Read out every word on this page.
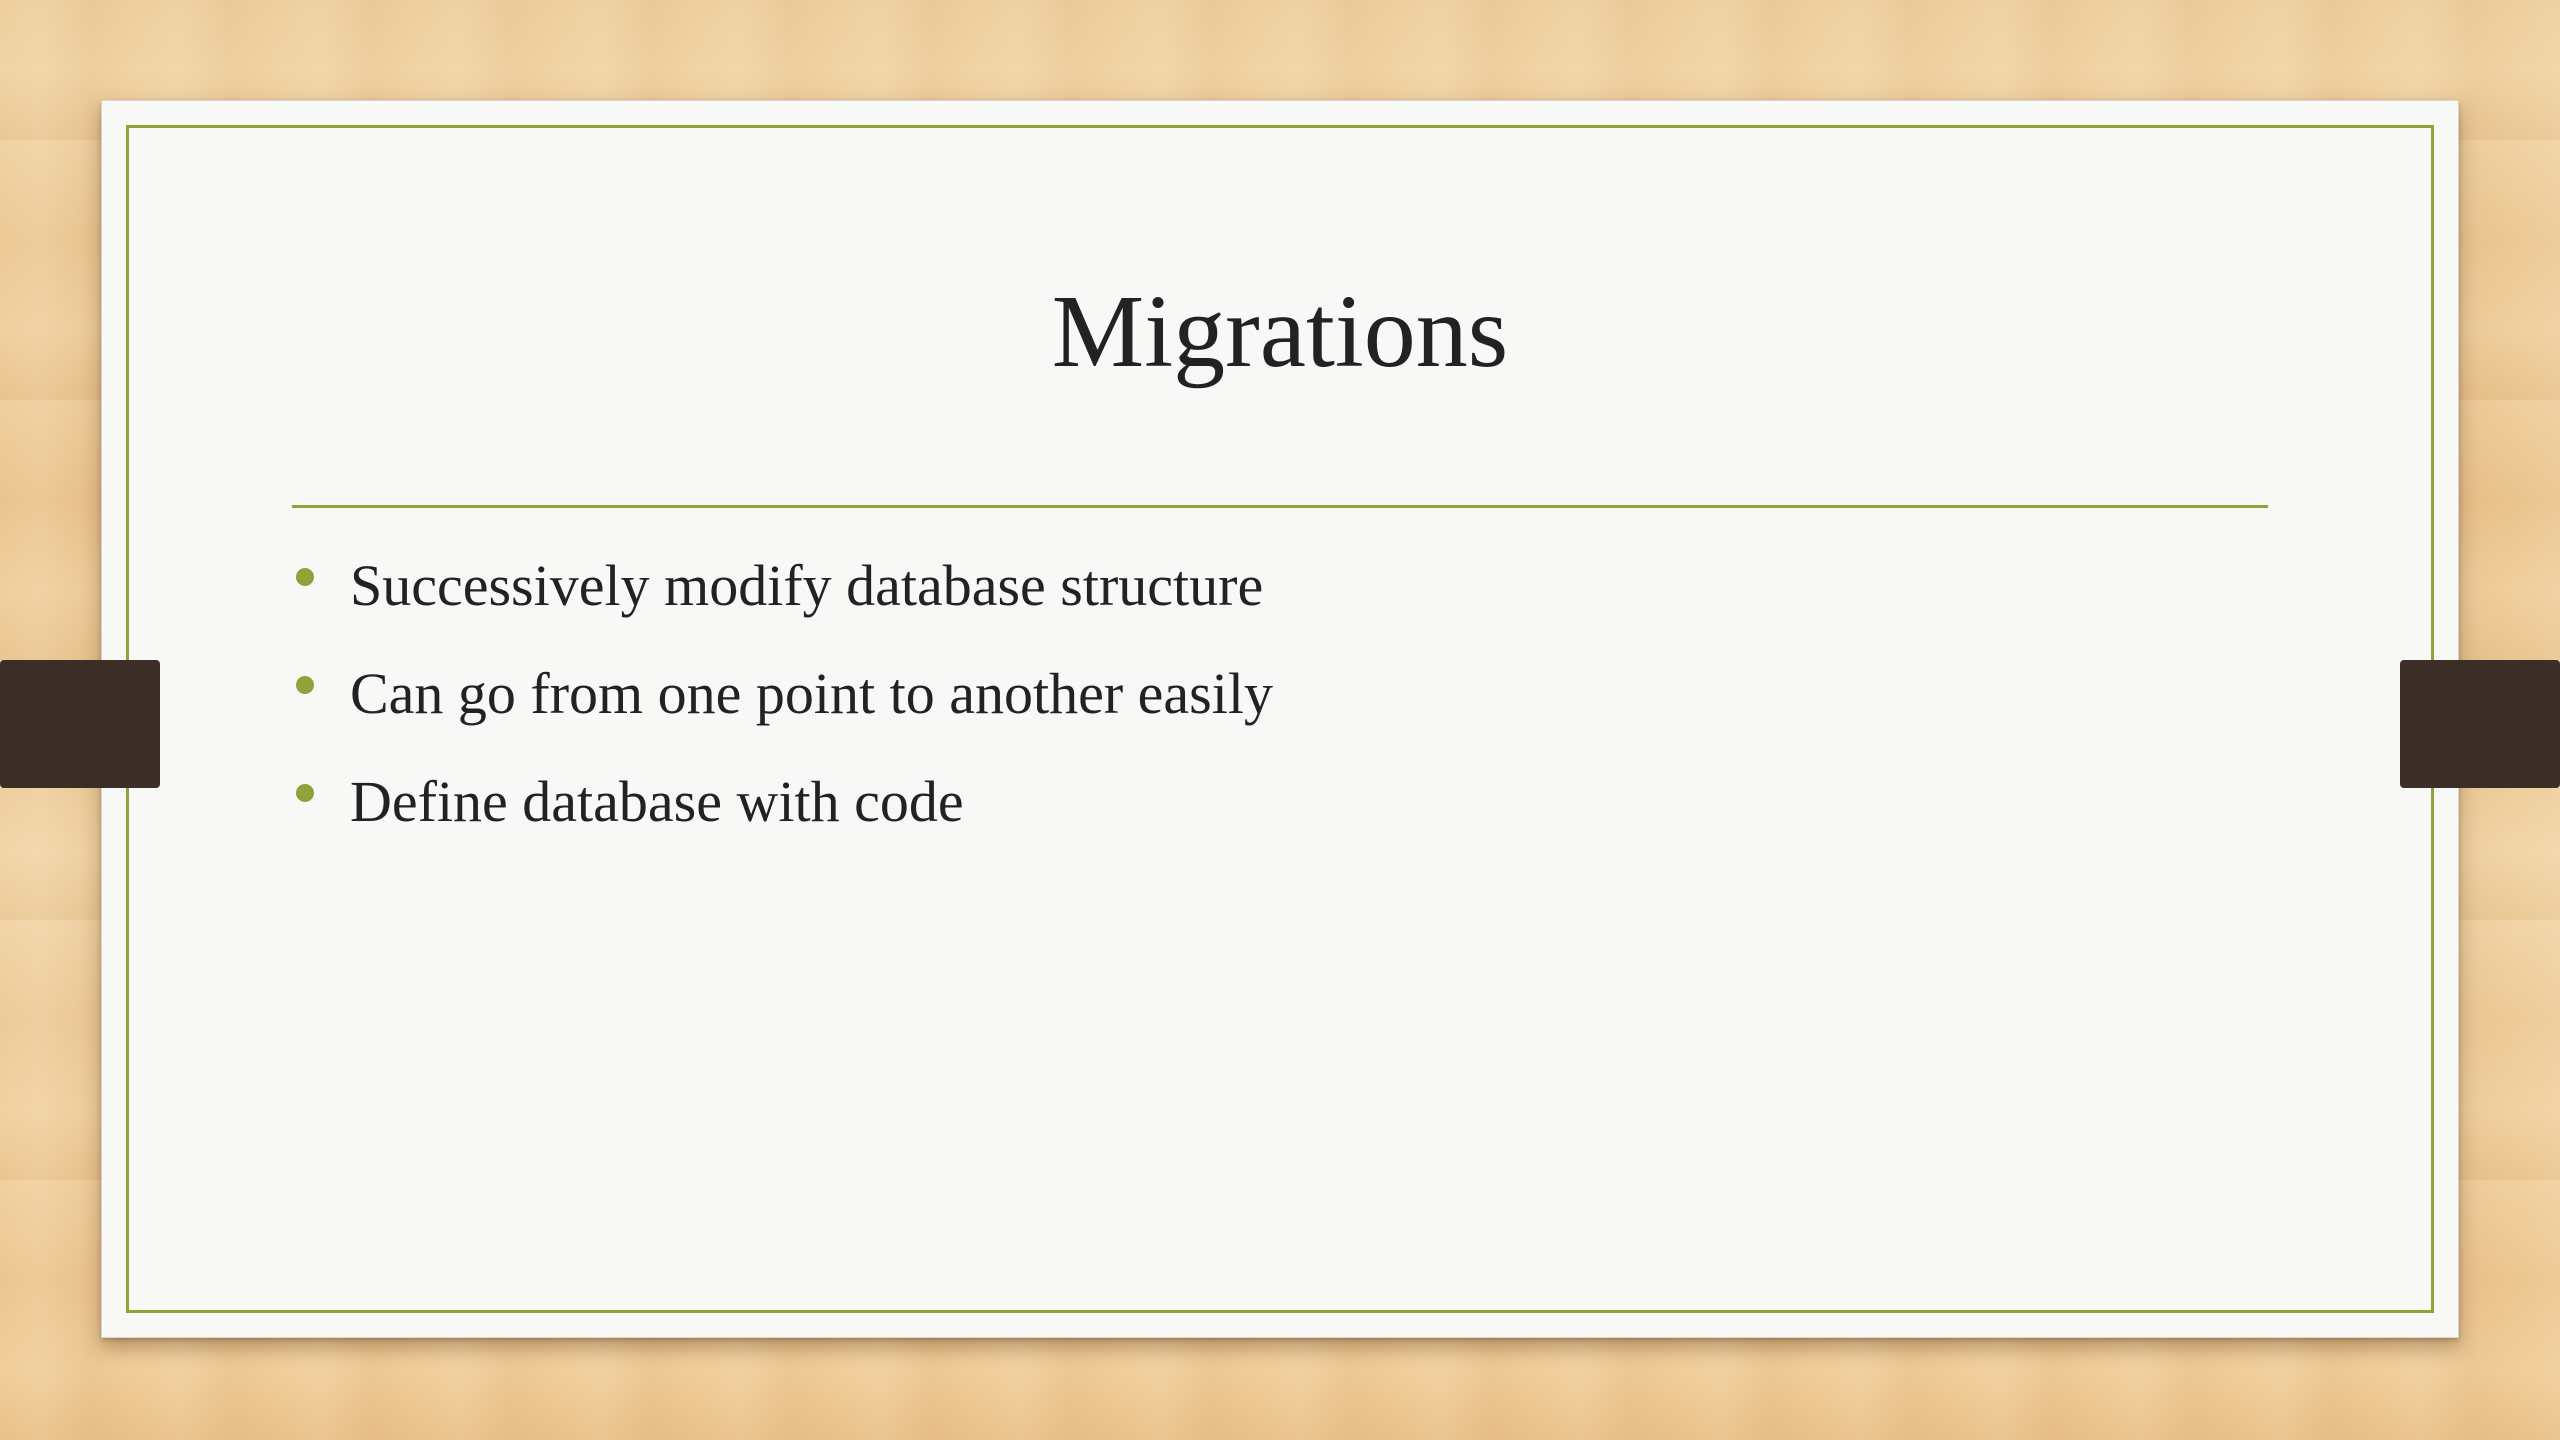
Migrations
Successively modify database structure
Can go from one point to another easily
Define database with code
